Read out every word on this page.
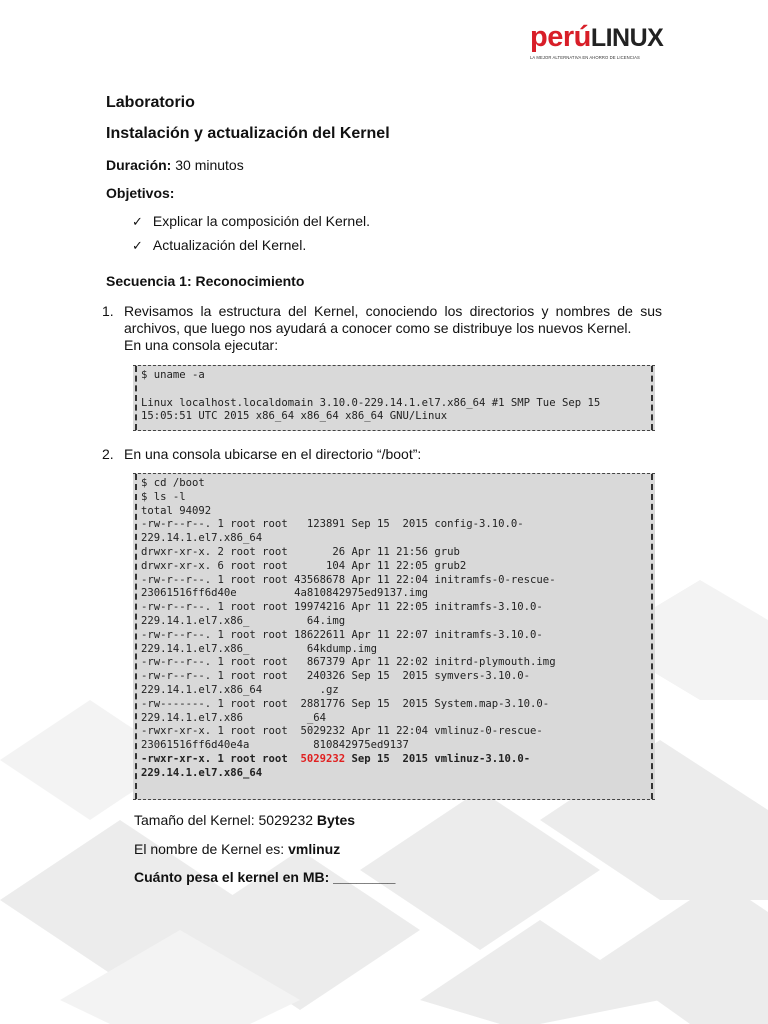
perúLINUX
LA MEJOR ALTERNATIVA EN AHORRO DE LICENCIAS
Laboratorio
Instalación y actualización del Kernel
Duración: 30 minutos
Objetivos:
✓ Explicar la composición del Kernel.
✓ Actualización del Kernel.
Secuencia 1: Reconocimiento
1. Revisamos la estructura del Kernel, conociendo los directorios y nombres de sus archivos, que luego nos ayudará a conocer como se distribuye los nuevos Kernel.
En una consola ejecutar:
$ uname -a
Linux localhost.localdomain 3.10.0-229.14.1.el7.x86_64 #1 SMP Tue Sep 15
15:05:51 UTC 2015 x86_64 x86_64 x86_64 GNU/Linux
2. En una consola ubicarse en el directorio “/boot”:
$ cd /boot
$ ls -l
total 94092
-rw-r--r--. 1 root root   123891 Sep 15  2015 config-3.10.0-
229.14.1.el7.x86_64
drwxr-xr-x. 2 root root       26 Apr 11 21:56 grub
drwxr-xr-x. 6 root root      104 Apr 11 22:05 grub2
-rw-r--r--. 1 root root 43568678 Apr 11 22:04 initramfs-0-rescue-
23061516ff6d40e         4a810842975ed9137.img
-rw-r--r--. 1 root root 19974216 Apr 11 22:05 initramfs-3.10.0-
229.14.1.el7.x86_         64.img
-rw-r--r--. 1 root root 18622611 Apr 11 22:07 initramfs-3.10.0-
229.14.1.el7.x86_         64kdump.img
-rw-r--r--. 1 root root   867379 Apr 11 22:02 initrd-plymouth.img
-rw-r--r--. 1 root root   240326 Sep 15  2015 symvers-3.10.0-
229.14.1.el7.x86_64         .gz
-rw-------. 1 root root  2881776 Sep 15  2015 System.map-3.10.0-
229.14.1.el7.x86          _64
-rwxr-xr-x. 1 root root  5029232 Apr 11 22:04 vmlinuz-0-rescue-
23061516ff6d40e4a          810842975ed9137
-rwxr-xr-x. 1 root root  5029232 Sep 15  2015 vmlinuz-3.10.0-
229.14.1.el7.x86_64
Tamaño del Kernel: 5029232 Bytes
El nombre de Kernel es: vmlinuz
Cuánto pesa el kernel en MB: ________
